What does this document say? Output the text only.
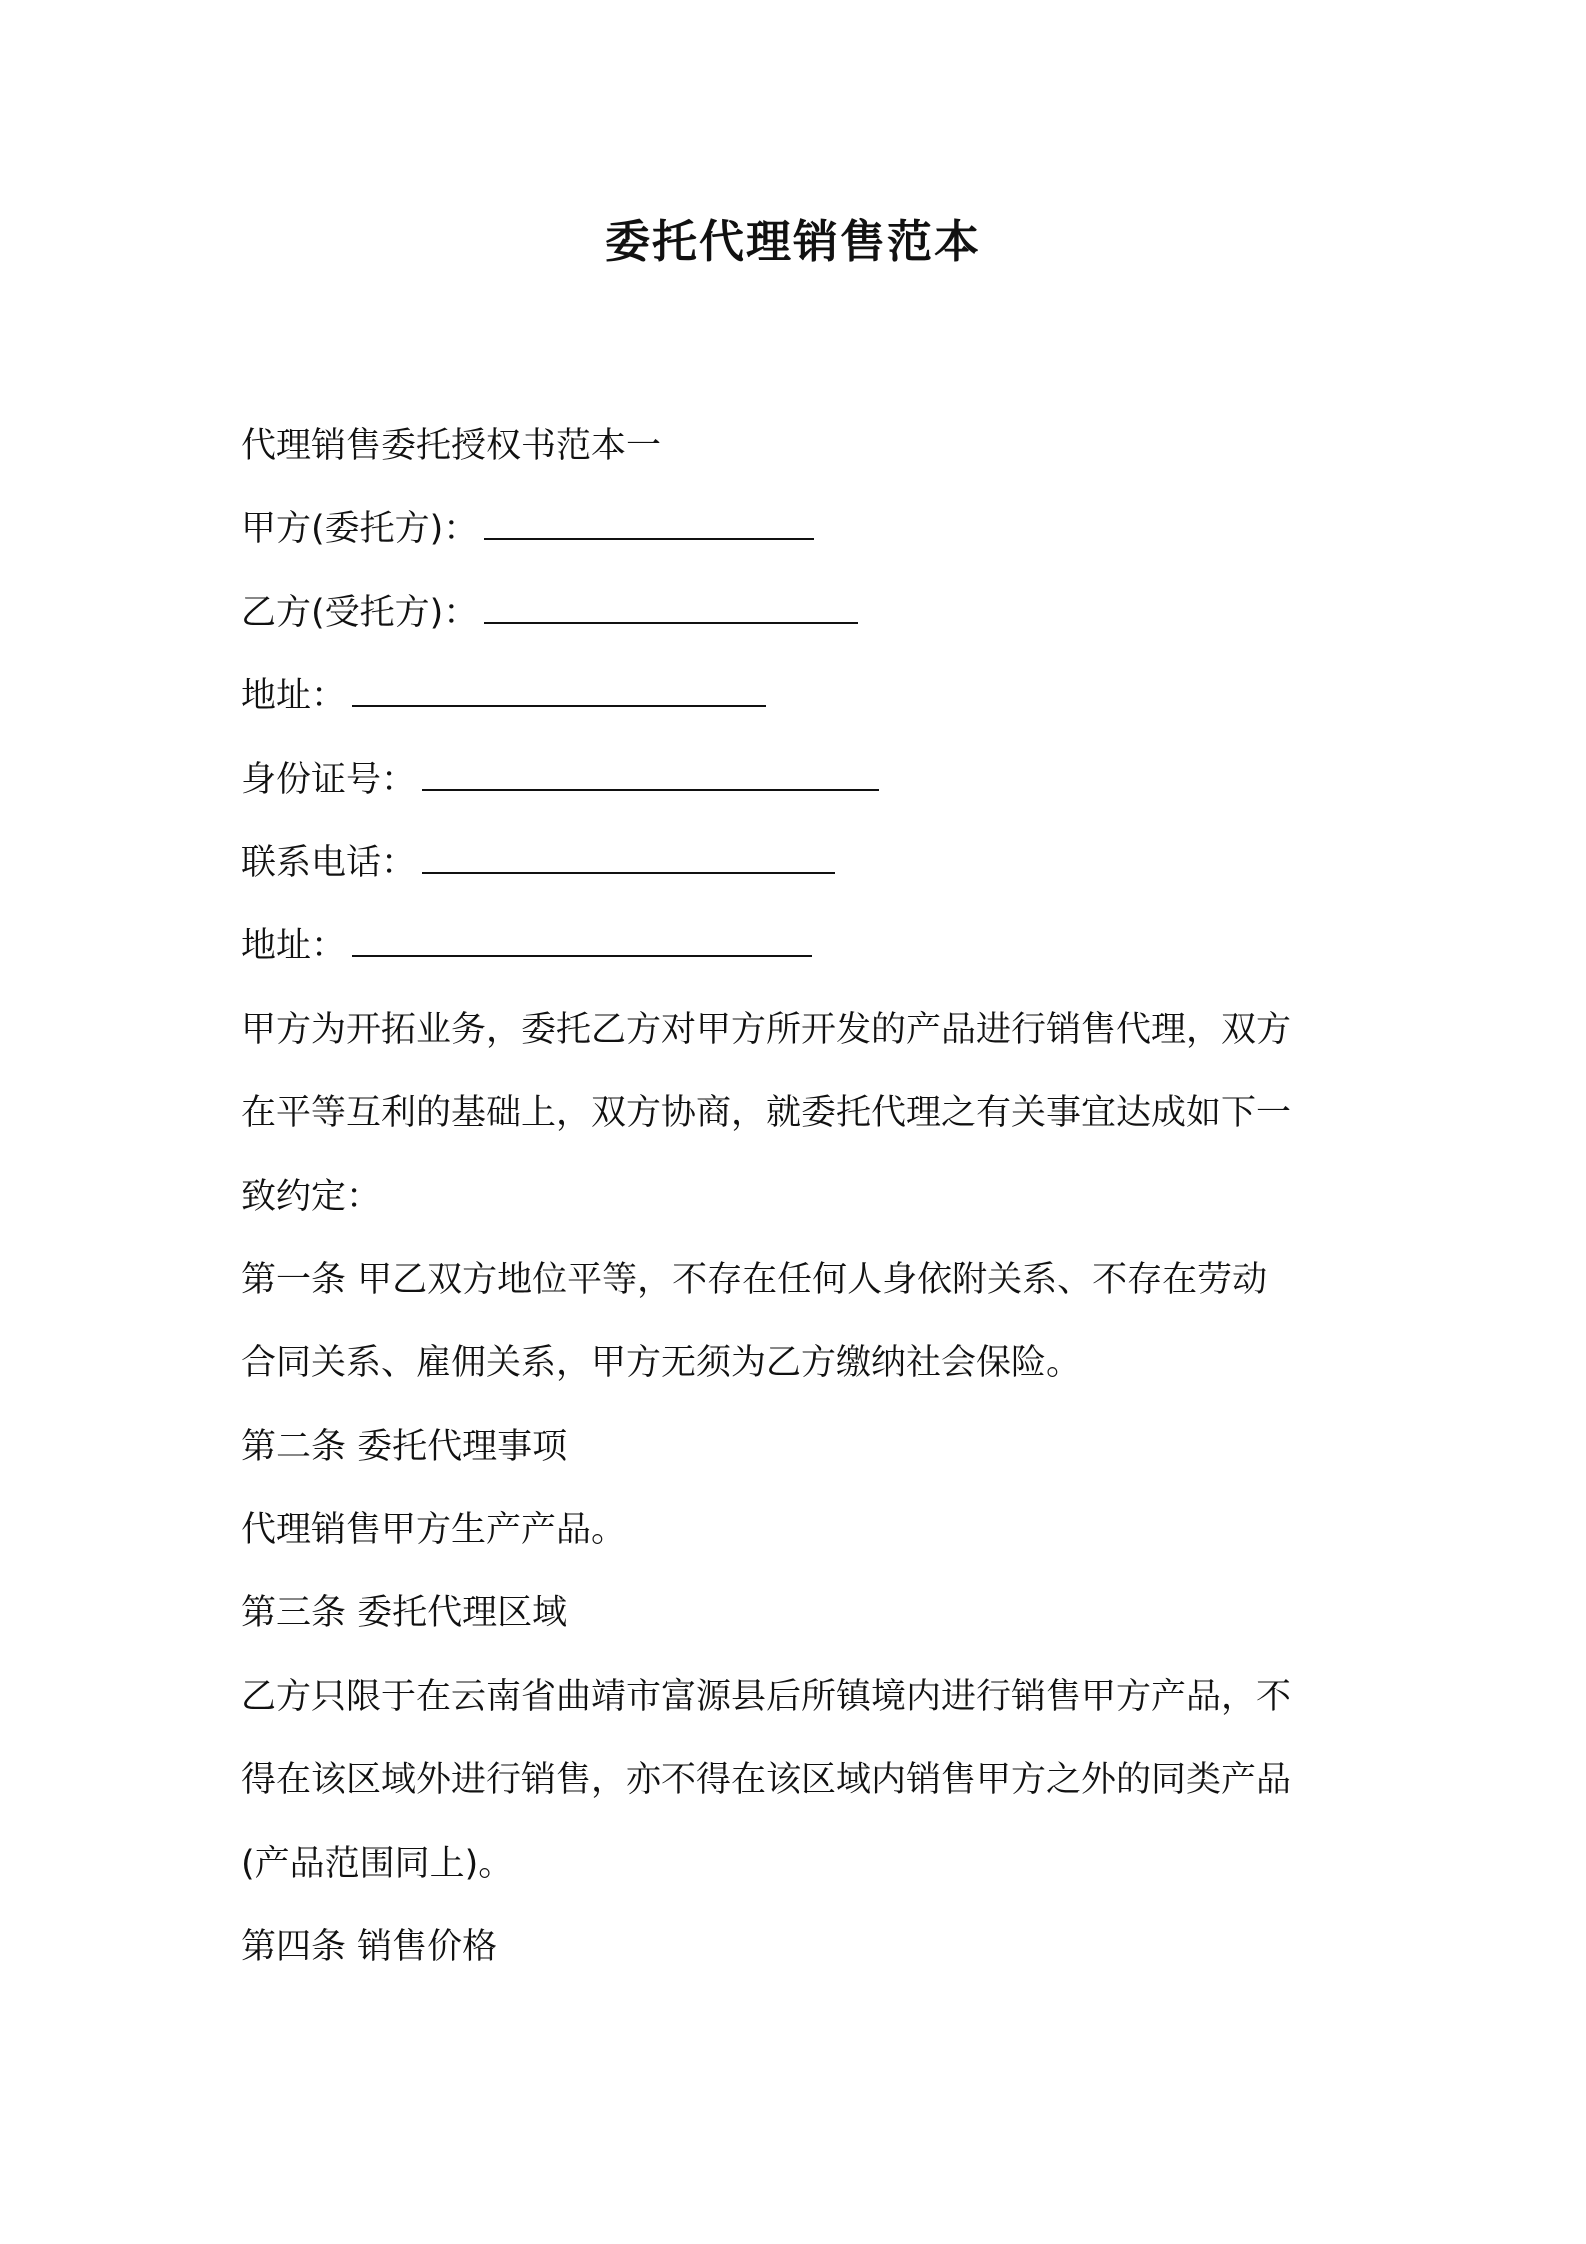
委托代理销售范本
代理销售委托授权书范本一
甲方(委托方)：
乙方(受托方)：
地址：
身份证号：
联系电话：
地址：
甲方为开拓业务，委托乙方对甲方所开发的产品进行销售代理，双方
在平等互利的基础上，双方协商，就委托代理之有关事宜达成如下一
致约定：
第一条 甲乙双方地位平等，不存在任何人身依附关系、不存在劳动
合同关系、雇佣关系，甲方无须为乙方缴纳社会保险。
第二条 委托代理事项
代理销售甲方生产产品。
第三条 委托代理区域
乙方只限于在云南省曲靖市富源县后所镇境内进行销售甲方产品，不
得在该区域外进行销售，亦不得在该区域内销售甲方之外的同类产品
(产品范围同上)。
第四条 销售价格
